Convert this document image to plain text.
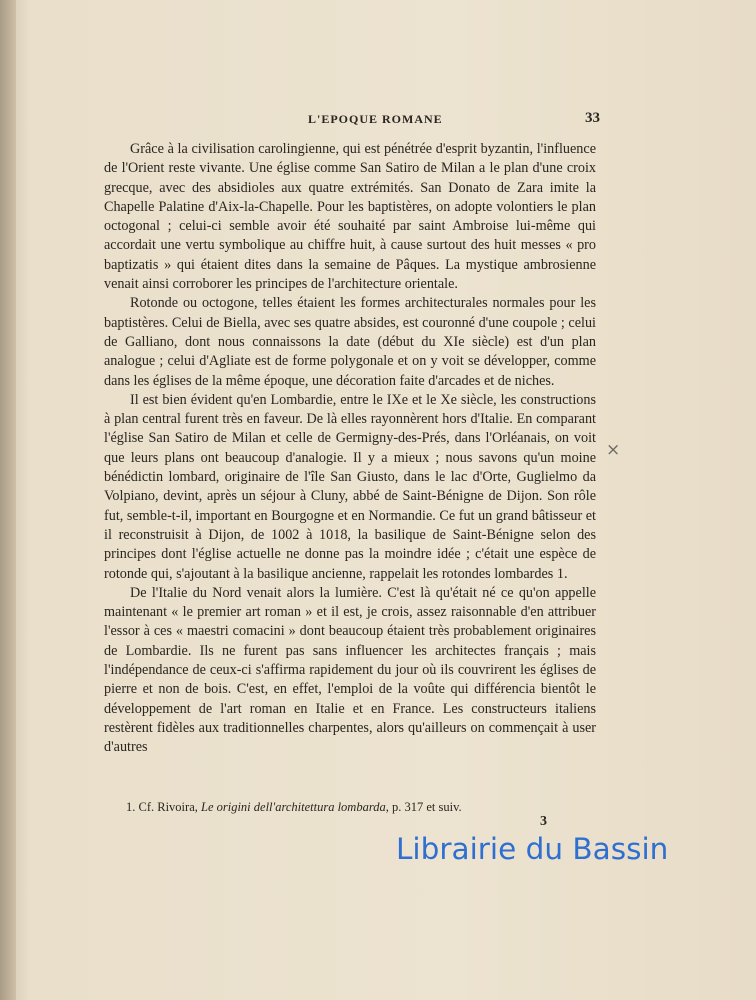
L'EPOQUE ROMANE	33

Grâce à la civilisation carolingienne, qui est pénétrée d'esprit byzantin, l'influence de l'Orient reste vivante. Une église comme San Satiro de Milan a le plan d'une croix grecque, avec des absidioles aux quatre extrémités. San Donato de Zara imite la Chapelle Palatine d'Aix-la-Chapelle. Pour les baptistères, on adopte volontiers le plan octogonal ; celui-ci semble avoir été souhaité par saint Ambroise lui-même qui accordait une vertu symbolique au chiffre huit, à cause surtout des huit messes « pro baptizatis » qui étaient dites dans la semaine de Pâques. La mystique ambrosienne venait ainsi corroborer les principes de l'architecture orientale.

Rotonde ou octogone, telles étaient les formes architecturales normales pour les baptistères. Celui de Biella, avec ses quatre absides, est couronné d'une coupole ; celui de Galliano, dont nous connaissons la date (début du XIe siècle) est d'un plan analogue ; celui d'Agliate est de forme polygonale et on y voit se développer, comme dans les églises de la même époque, une décoration faite d'arcades et de niches.

Il est bien évident qu'en Lombardie, entre le IXe et le Xe siècle, les constructions à plan central furent très en faveur. De là elles rayonnèrent hors d'Italie. En comparant l'église San Satiro de Milan et celle de Germigny-des-Prés, dans l'Orléanais, on voit que leurs plans ont beaucoup d'analogie. Il y a mieux ; nous savons qu'un moine bénédictin lombard, originaire de l'île San Giusto, dans le lac d'Orte, Guglielmo da Volpiano, devint, après un séjour à Cluny, abbé de Saint-Bénigne de Dijon. Son rôle fut, semble-t-il, important en Bourgogne et en Normandie. Ce fut un grand bâtisseur et il reconstruisit à Dijon, de 1002 à 1018, la basilique de Saint-Bénigne selon des principes dont l'église actuelle ne donne pas la moindre idée ; c'était une espèce de rotonde qui, s'ajoutant à la basilique ancienne, rappelait les rotondes lombardes 1.

De l'Italie du Nord venait alors la lumière. C'est là qu'était né ce qu'on appelle maintenant « le premier art roman » et il est, je crois, assez raisonnable d'en attribuer l'essor à ces « maestri comacini » dont beaucoup étaient très probablement originaires de Lombardie. Ils ne furent pas sans influencer les architectes français ; mais l'indépendance de ceux-ci s'affirma rapidement du jour où ils couvrirent les églises de pierre et non de bois. C'est, en effet, l'emploi de la voûte qui différencia bientôt le développement de l'art roman en Italie et en France. Les constructeurs italiens restèrent fidèles aux traditionnelles charpentes, alors qu'ailleurs on commençait à user d'autres

×
1. Cf. Rivoira, Le origini dell'architettura lombarda, p. 317 et suiv.
3
Librairie du Bassin
